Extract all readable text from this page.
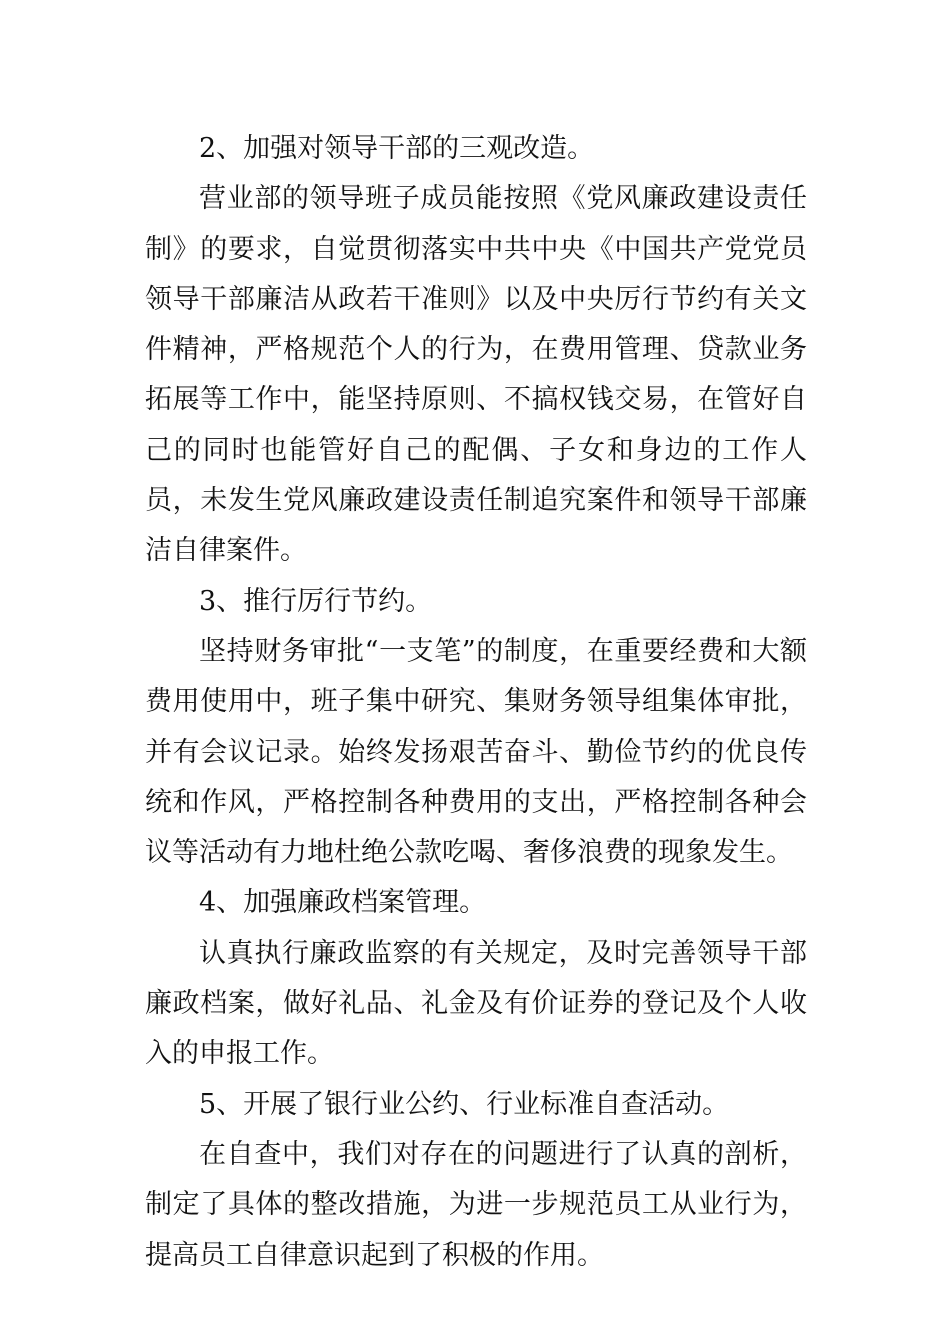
2、加强对领导干部的三观改造。

营业部的领导班子成员能按照《党风廉政建设责任制》的要求，自觉贯彻落实中共中央《中国共产党党员领导干部廉洁从政若干准则》以及中央厉行节约有关文件精神，严格规范个人的行为，在费用管理、贷款业务拓展等工作中，能坚持原则、不搞权钱交易，在管好自己的同时也能管好自己的配偶、子女和身边的工作人员，未发生党风廉政建设责任制追究案件和领导干部廉洁自律案件。

3、推行厉行节约。

坚持财务审批“一支笔”的制度，在重要经费和大额费用使用中，班子集中研究、集财务领导组集体审批，并有会议记录。始终发扬艰苦奋斗、勤俭节约的优良传统和作风，严格控制各种费用的支出，严格控制各种会议等活动有力地杜绝公款吃喝、奢侈浪费的现象发生。

4、加强廉政档案管理。

认真执行廉政监察的有关规定，及时完善领导干部廉政档案，做好礼品、礼金及有价证券的登记及个人收入的申报工作。

5、开展了银行业公约、行业标准自查活动。

在自查中，我们对存在的问题进行了认真的剖析，制定了具体的整改措施，为进一步规范员工从业行为，提高员工自律意识起到了积极的作用。
